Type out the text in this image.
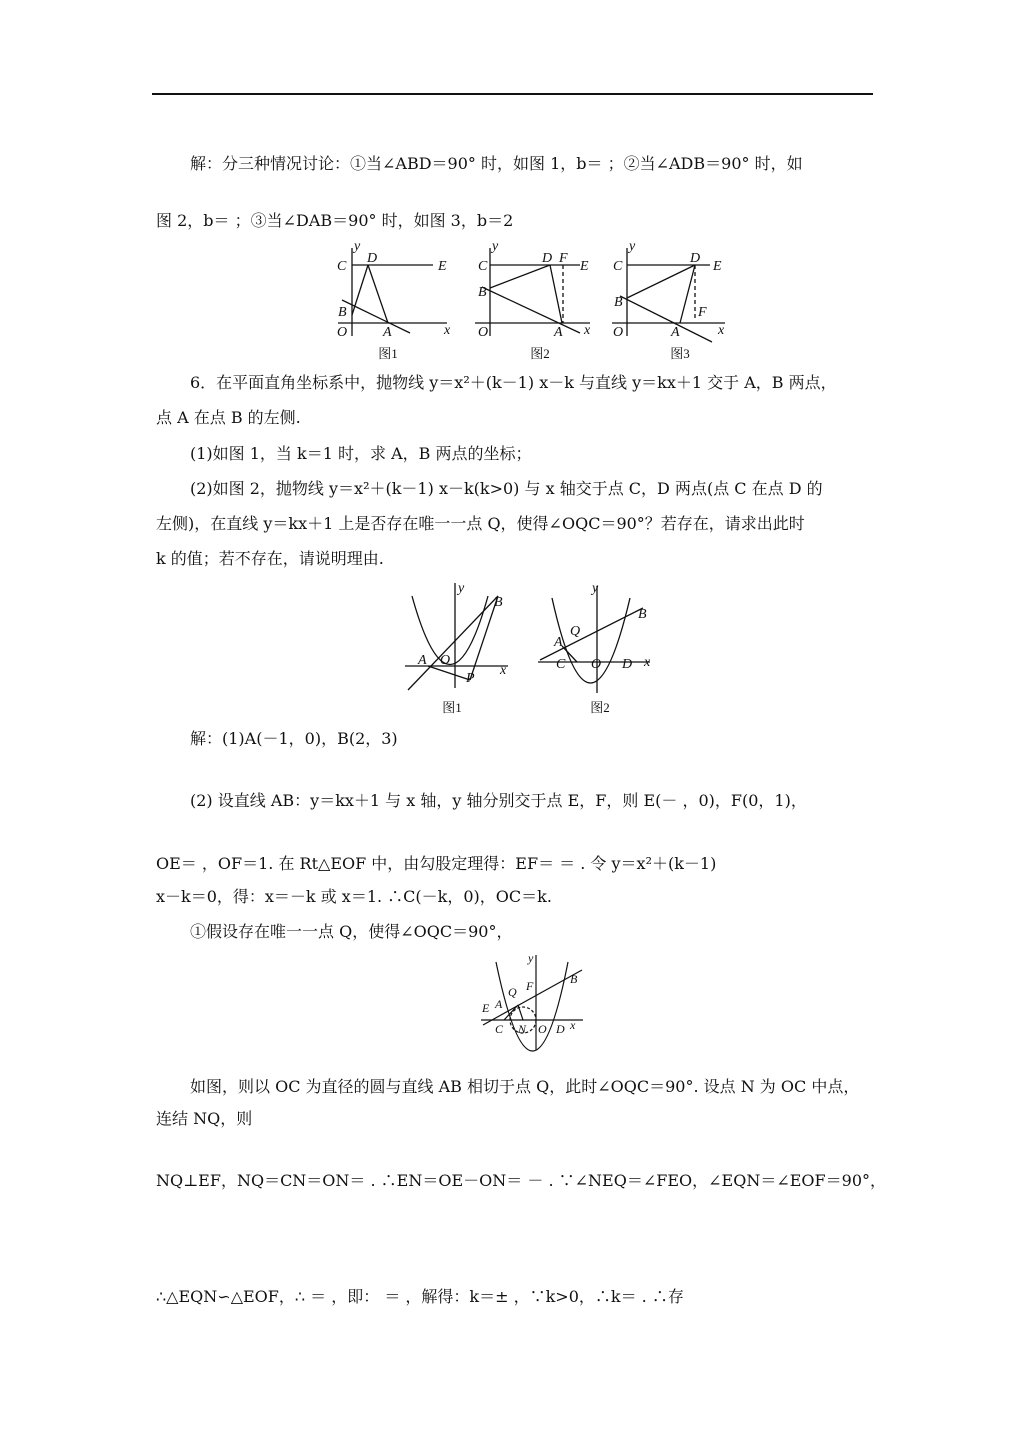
解：分三种情况讨论：①当∠ABD＝90° 时，如图 1，b＝ ；②当∠ADB＝90° 时，如
图 2，b＝ ；③当∠DAB＝90° 时，如图 3，b＝2
y
C
D
E
B
O	A	x
y
C
D F
E
B
O	A x
y
C
D
E
B
F
O	A	x
图1	图2	图3
6．在平面直角坐标系中，抛物线 y＝x²＋(k－1) x－k 与直线 y＝kx＋1 交于 A，B 两点，
点 A 在点 B 的左侧.
(1)如图 1，当 k＝1 时，求 A，B 两点的坐标；
(2)如图 2，抛物线 y＝x²＋(k－1) x－k(k>0) 与 x 轴交于点 C，D 两点(点 C 在点 D 的
左侧)，在直线 y＝kx＋1 上是否存在唯一一点 Q，使得∠OQC＝90°？若存在，请求出此时
k 的值；若不存在，请说明理由.
y
B
A O
P
x
y
B
Q
A
C O D x
图1	图2
解：(1)A(－1，0)，B(2，3)
(2) 设直线 AB：y＝kx＋1 与 x 轴，y 轴分别交于点 E，F，则 E(－ ，0)，F(0，1)，
OE＝ ，OF＝1. 在 Rt△EOF 中，由勾股定理得：EF＝ ＝ . 令 y＝x²＋(k－1)
x－k＝0，得：x＝－k 或 x＝1. ∴C(－k，0)，OC＝k.
①假设存在唯一一点 Q，使得∠OQC＝90°，
y
B
Q F
E A
C N O D x
如图，则以 OC 为直径的圆与直线 AB 相切于点 Q，此时∠OQC＝90°. 设点 N 为 OC 中点，
连结 NQ，则
NQ⊥EF，NQ＝CN＝ON＝ . ∴EN＝OE－ON＝ － . ∵∠NEQ＝∠FEO，∠EQN＝∠EOF＝90°，
∴△EQN∽△EOF，∴ ＝ ，即： ＝ ，解得：k＝± ，∵k>0，∴k＝ . ∴存
